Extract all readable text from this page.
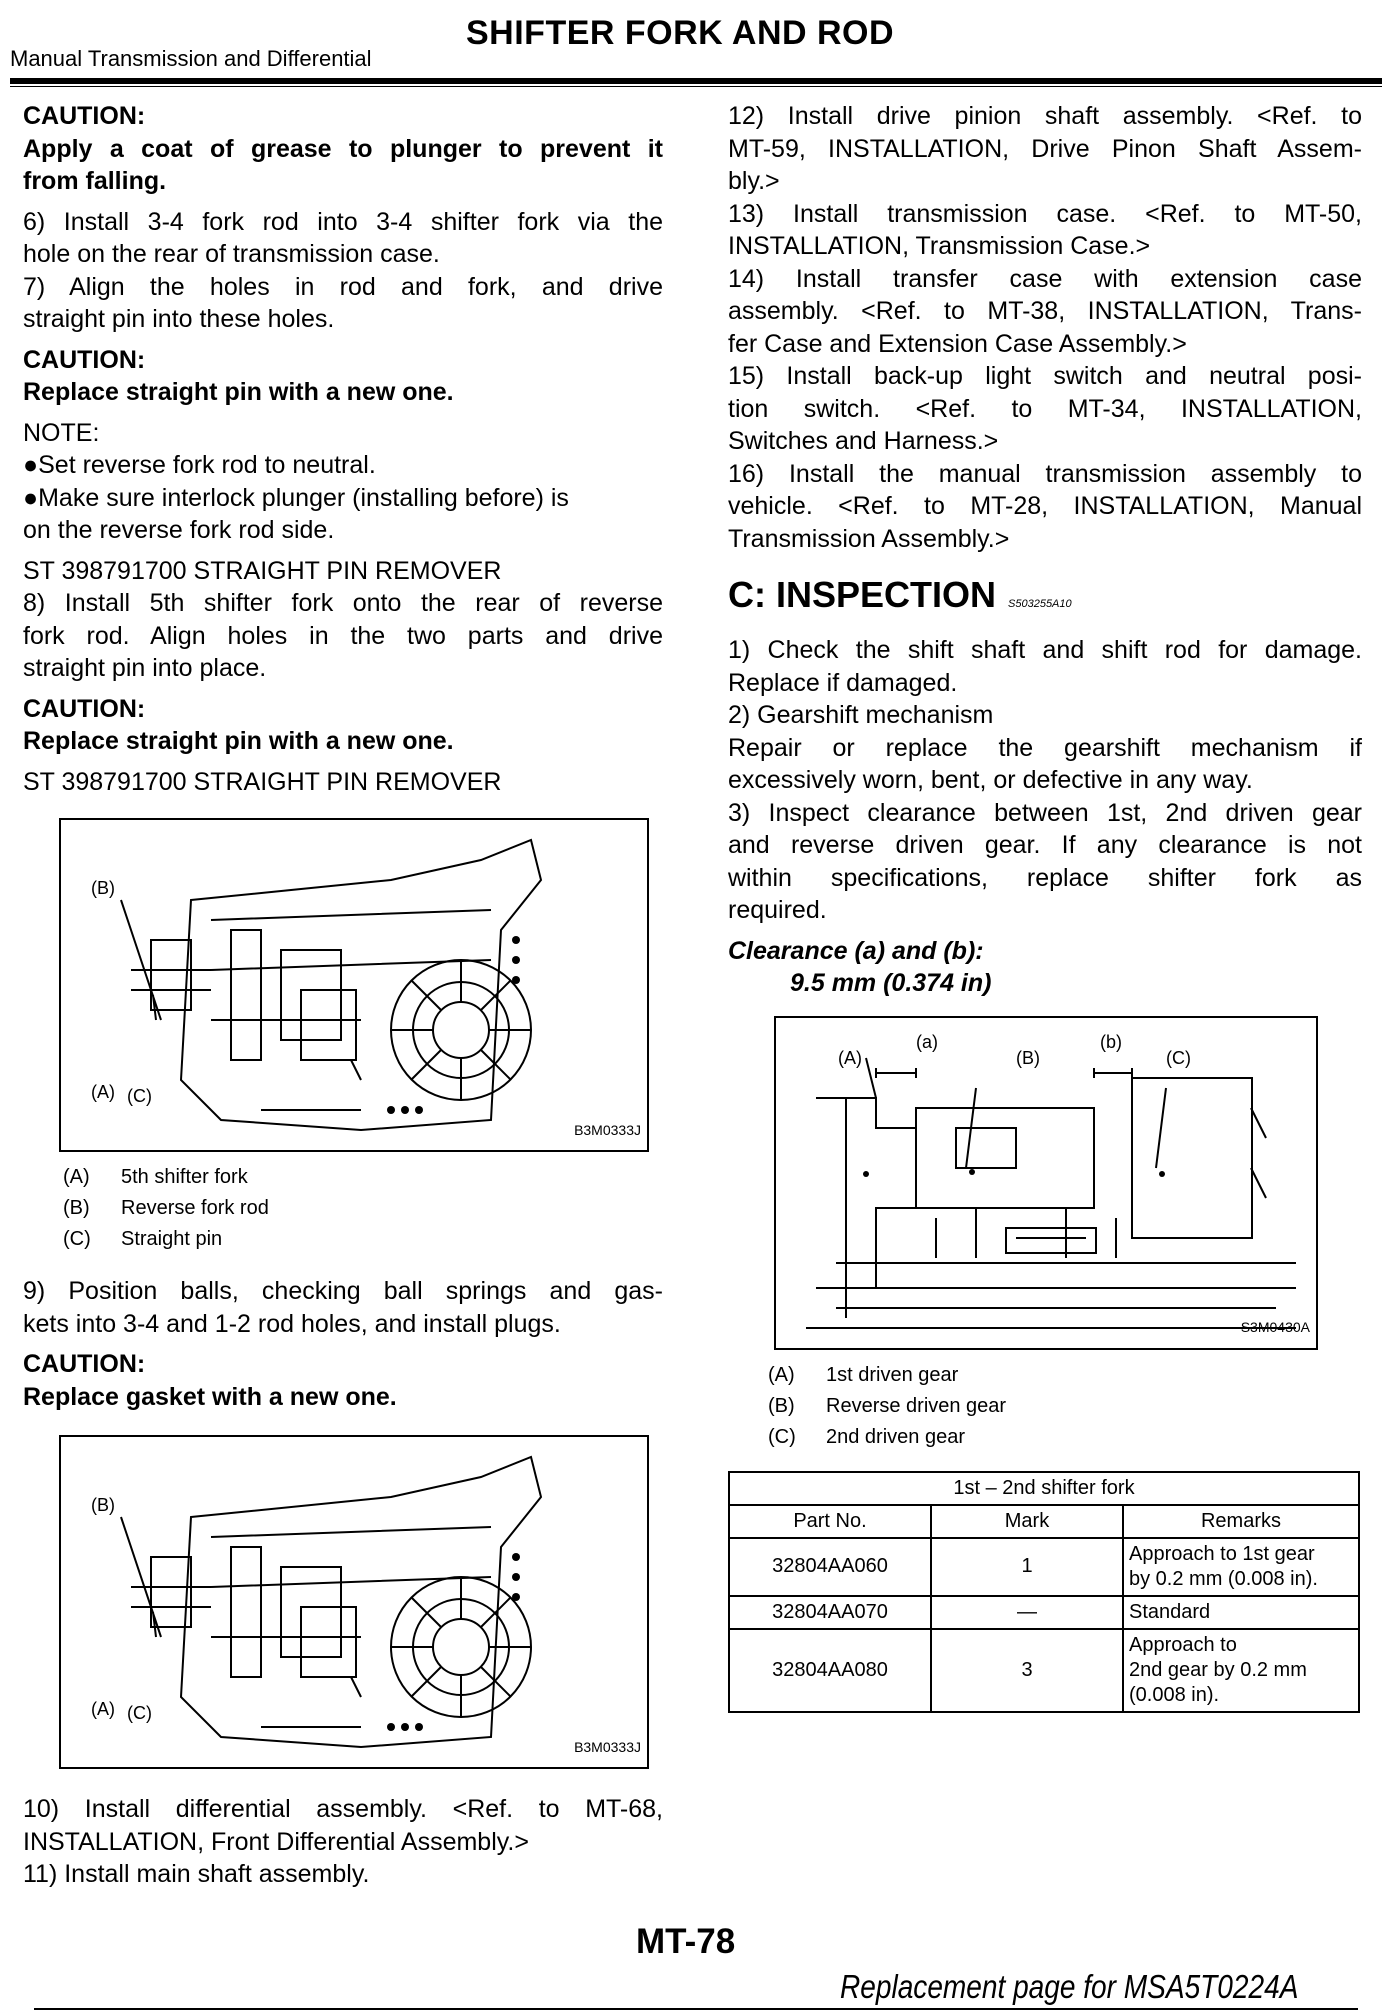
SHIFTER FORK AND ROD
Manual Transmission and Differential

CAUTION:

Apply a coat of grease to plunger to prevent it

from falling.

6) Install 3-4 fork rod into 3-4 shifter fork via the

hole on the rear of transmission case.

7) Align the holes in rod and fork, and drive

straight pin into these holes.

CAUTION:

Replace straight pin with a new one.

NOTE:

●Set reverse fork rod to neutral.

●Make sure interlock plunger (installing before) is

on the reverse fork rod side.

ST 398791700 STRAIGHT PIN REMOVER

8) Install 5th shifter fork onto the rear of reverse

fork rod. Align holes in the two parts and drive

straight pin into place.

CAUTION:

Replace straight pin with a new one.

ST 398791700 STRAIGHT PIN REMOVER

(B)
(A) (C)
B3M0333J
(A) 5th shifter fork
(B) Reverse fork rod
(C) Straight pin

9) Position balls, checking ball springs and gas-

kets into 3-4 and 1-2 rod holes, and install plugs.

CAUTION:

Replace gasket with a new one.

(B)
(A) (C)
B3M0333J

10) Install differential assembly. <Ref. to MT-68,

INSTALLATION, Front Differential Assembly.>

11) Install main shaft assembly.

12) Install drive pinion shaft assembly. <Ref. to

MT-59, INSTALLATION, Drive Pinon Shaft Assem-

bly.>

13) Install transmission case. <Ref. to MT-50,

INSTALLATION, Transmission Case.>

14) Install transfer case with extension case

assembly. <Ref. to MT-38, INSTALLATION, Trans-

fer Case and Extension Case Assembly.>

15) Install back-up light switch and neutral posi-

tion switch. <Ref. to MT-34, INSTALLATION,

Switches and Harness.>

16) Install the manual transmission assembly to

vehicle. <Ref. to MT-28, INSTALLATION, Manual

Transmission Assembly.>

C: INSPECTION S503255A10

1) Check the shift shaft and shift rod for damage.

Replace if damaged.

2) Gearshift mechanism

Repair or replace the gearshift mechanism if

excessively worn, bent, or defective in any way.

3) Inspect clearance between 1st, 2nd driven gear

and reverse driven gear. If any clearance is not

within specifications, replace shifter fork as

required.

Clearance (a) and (b):

9.5 mm (0.374 in)

(A)	(B)	(C)
(a)	(b)
S3M0430A
(A) 1st driven gear
(B) Reverse driven gear
(C) 2nd driven gear
1st – 2nd shifter fork		
Part No.	Mark	Remarks
32804AA060	1	Approach to 1st gear
by 0.2 mm (0.008 in).

32804AA070	—	Standard
32804AA080	3	Approach to
2nd gear by 0.2 mm
(0.008 in).
MT-78
Replacement page for MSA5T0224A
